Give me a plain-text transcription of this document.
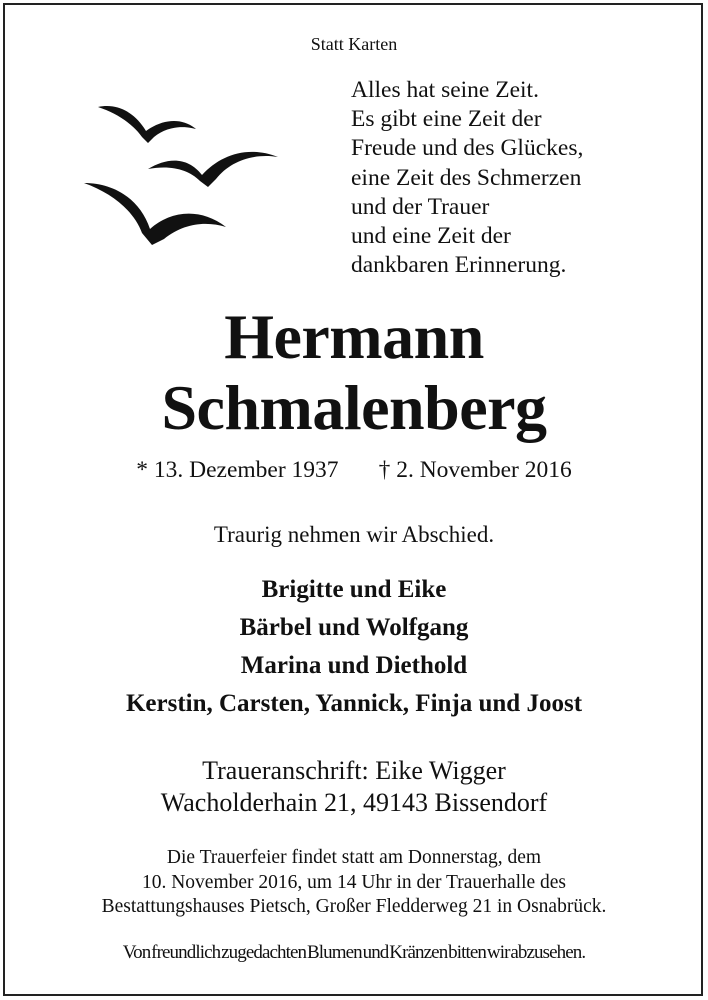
Statt Karten
Alles hat seine Zeit.
Es gibt eine Zeit der
Freude und des Glückes,
eine Zeit des Schmerzen
und der Trauer
und eine Zeit der
dankbaren Erinnerung.
Hermann
Schmalenberg
* 13. Dezember 1937 † 2. November 2016
Traurig nehmen wir Abschied.
Brigitte und Eike
Bärbel und Wolfgang
Marina und Diethold
Kerstin, Carsten, Yannick, Finja und Joost
Traueranschrift: Eike Wigger
Wacholderhain 21, 49143 Bissendorf
Die Trauerfeier findet statt am Donnerstag, dem
10. November 2016, um 14 Uhr in der Trauerhalle des
Bestattungshauses Pietsch, Großer Fledderweg 21 in Osnabrück.
Von freundlich zugedachten Blumen und Kränzen bitten wir abzusehen.
